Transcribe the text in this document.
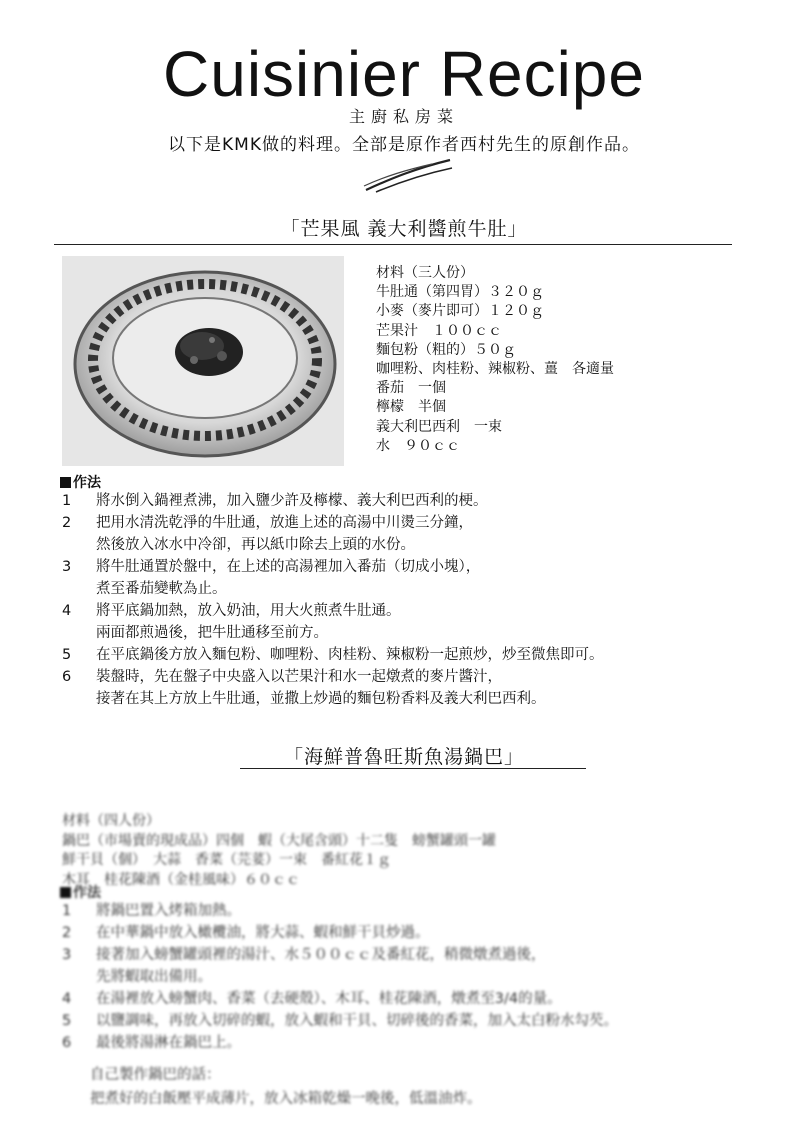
Cuisinier Recipe
主廚私房菜
以下是KMK做的料理。全部是原作者西村先生的原創作品。
「芒果風 義大利醬煎牛肚」
材料（三人份）
牛肚通（第四胃）３２０ｇ
小麥（麥片即可）１２０ｇ
芒果汁　１００ｃｃ
麵包粉（粗的）５０ｇ
咖哩粉、肉桂粉、辣椒粉、薑　各適量
番茄　一個
檸檬　半個
義大利巴西利　一束
水　９０ｃｃ
作法
1	將水倒入鍋裡煮沸，加入鹽少許及檸檬、義大利巴西利的梗。
2	把用水清洗乾淨的牛肚通，放進上述的高湯中川燙三分鐘，
然後放入冰水中冷卻，再以紙巾除去上頭的水份。
3	將牛肚通置於盤中，在上述的高湯裡加入番茄（切成小塊），
煮至番茄變軟為止。
4	將平底鍋加熱，放入奶油，用大火煎煮牛肚通。
兩面都煎過後，把牛肚通移至前方。
5	在平底鍋後方放入麵包粉、咖哩粉、肉桂粉、辣椒粉一起煎炒，炒至微焦即可。
6	裝盤時，先在盤子中央盛入以芒果汁和水一起燉煮的麥片醬汁，
接著在其上方放上牛肚通，並撒上炒過的麵包粉香料及義大利巴西利。
「海鮮普魯旺斯魚湯鍋巴」
材料（四人份）
鍋巴（市場賣的現成品）四個　蝦（大尾含頭）十二隻　螃蟹罐頭一罐
鮮干貝（個）　大蒜　香菜（芫荽）一束　番紅花１ｇ
木耳　桂花陳酒（金桂風味）６０ｃｃ
作法
1	將鍋巴置入烤箱加熱。
2	在中華鍋中放入橄欖油，將大蒜、蝦和鮮干貝炒過。
3	接著加入螃蟹罐頭裡的湯汁、水５００ｃｃ及番紅花，稍微燉煮過後，
先將蝦取出備用。
4	在湯裡放入螃蟹肉、香菜（去硬殼）、木耳、桂花陳酒，燉煮至3/4的量。
5	以鹽調味，再放入切碎的蝦，放入蝦和干貝、切碎後的香菜，加入太白粉水勾芡。
6	最後將湯淋在鍋巴上。
自己製作鍋巴的話：
把煮好的白飯壓平成薄片，放入冰箱乾燥一晚後，低溫油炸。
